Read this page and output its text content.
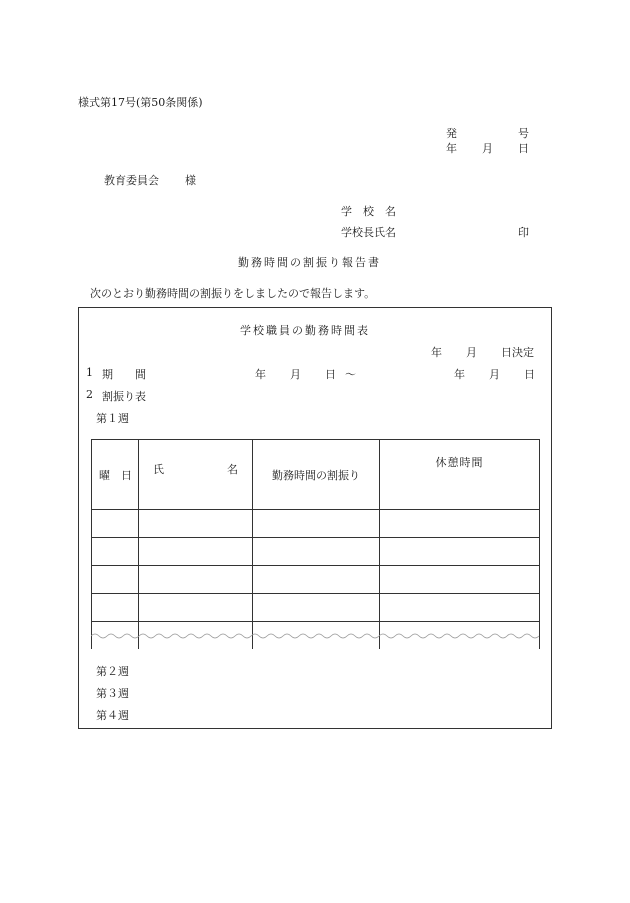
様式第17号(第50条関係)
発	号
年 月 日
教育委員会 様
学　校　名
学校長氏名	印
勤務時間の割振り報告書
次のとおり勤務時間の割振りをしましたので報告します。
学校職員の勤務時間表
年 月 日決定
1 期　　間	年 月 日 〜	年 月 日
2 割振り表
第１週
曜　日	氏 名	勤務時間の割振り	休憩時間

第２週
第３週
第４週
